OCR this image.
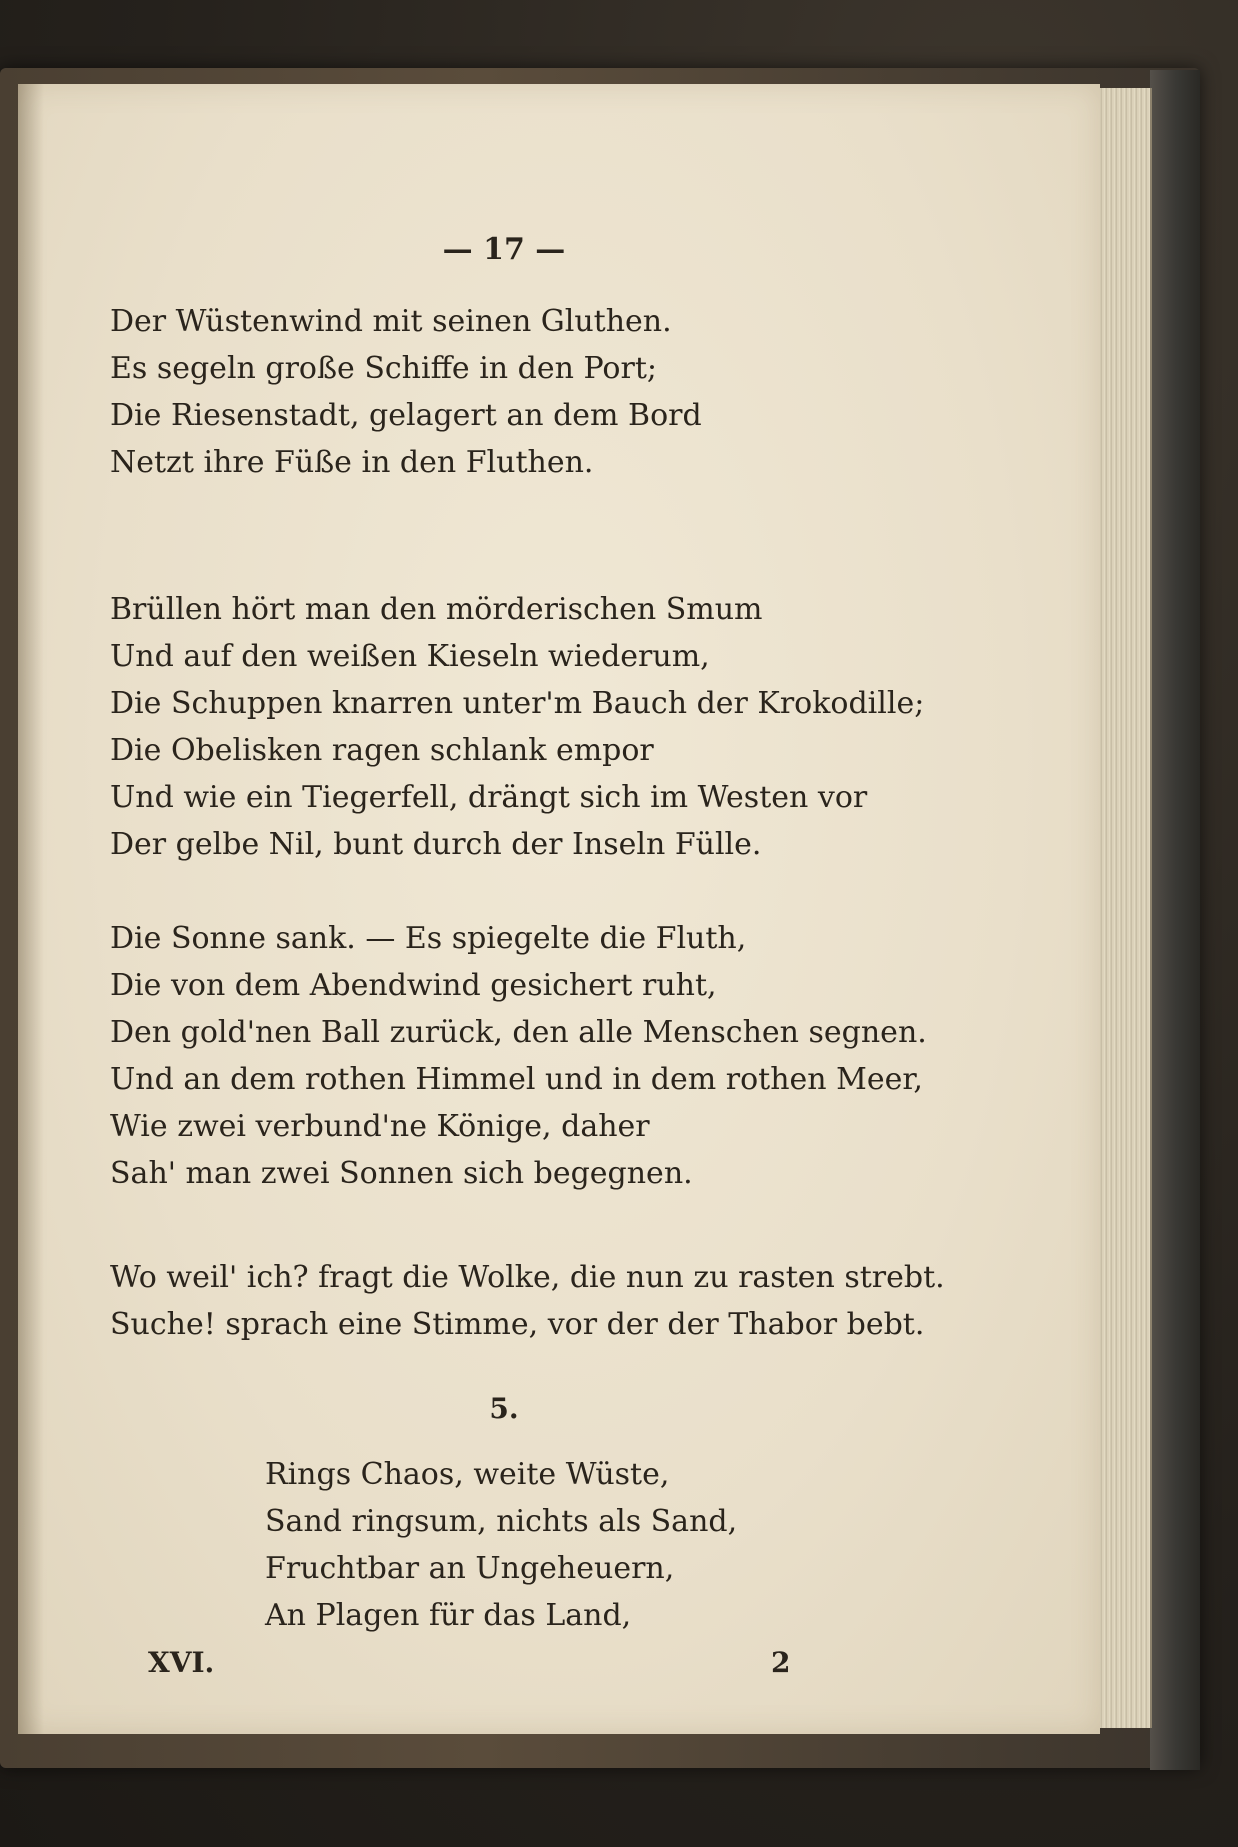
— 17 —
Der Wüstenwind mit seinen Gluthen.
Es segeln große Schiffe in den Port;
Die Riesenstadt, gelagert an dem Bord
Netzt ihre Füße in den Fluthen.
Brüllen hört man den mörderischen Smum
Und auf den weißen Kieseln wiederum,
Die Schuppen knarren unter'm Bauch der Krokodille;
Die Obelisken ragen schlank empor
Und wie ein Tiegerfell, drängt sich im Westen vor
Der gelbe Nil, bunt durch der Inseln Fülle.
Die Sonne sank. — Es spiegelte die Fluth,
Die von dem Abendwind gesichert ruht,
Den gold'nen Ball zurück, den alle Menschen segnen.
Und an dem rothen Himmel und in dem rothen Meer,
Wie zwei verbund'ne Könige, daher
Sah' man zwei Sonnen sich begegnen.
Wo weil' ich? fragt die Wolke, die nun zu rasten strebt.
Suche! sprach eine Stimme, vor der der Thabor bebt.
5.
Rings Chaos, weite Wüste,
Sand ringsum, nichts als Sand,
Fruchtbar an Ungeheuern,
An Plagen für das Land,
XVI.	2
